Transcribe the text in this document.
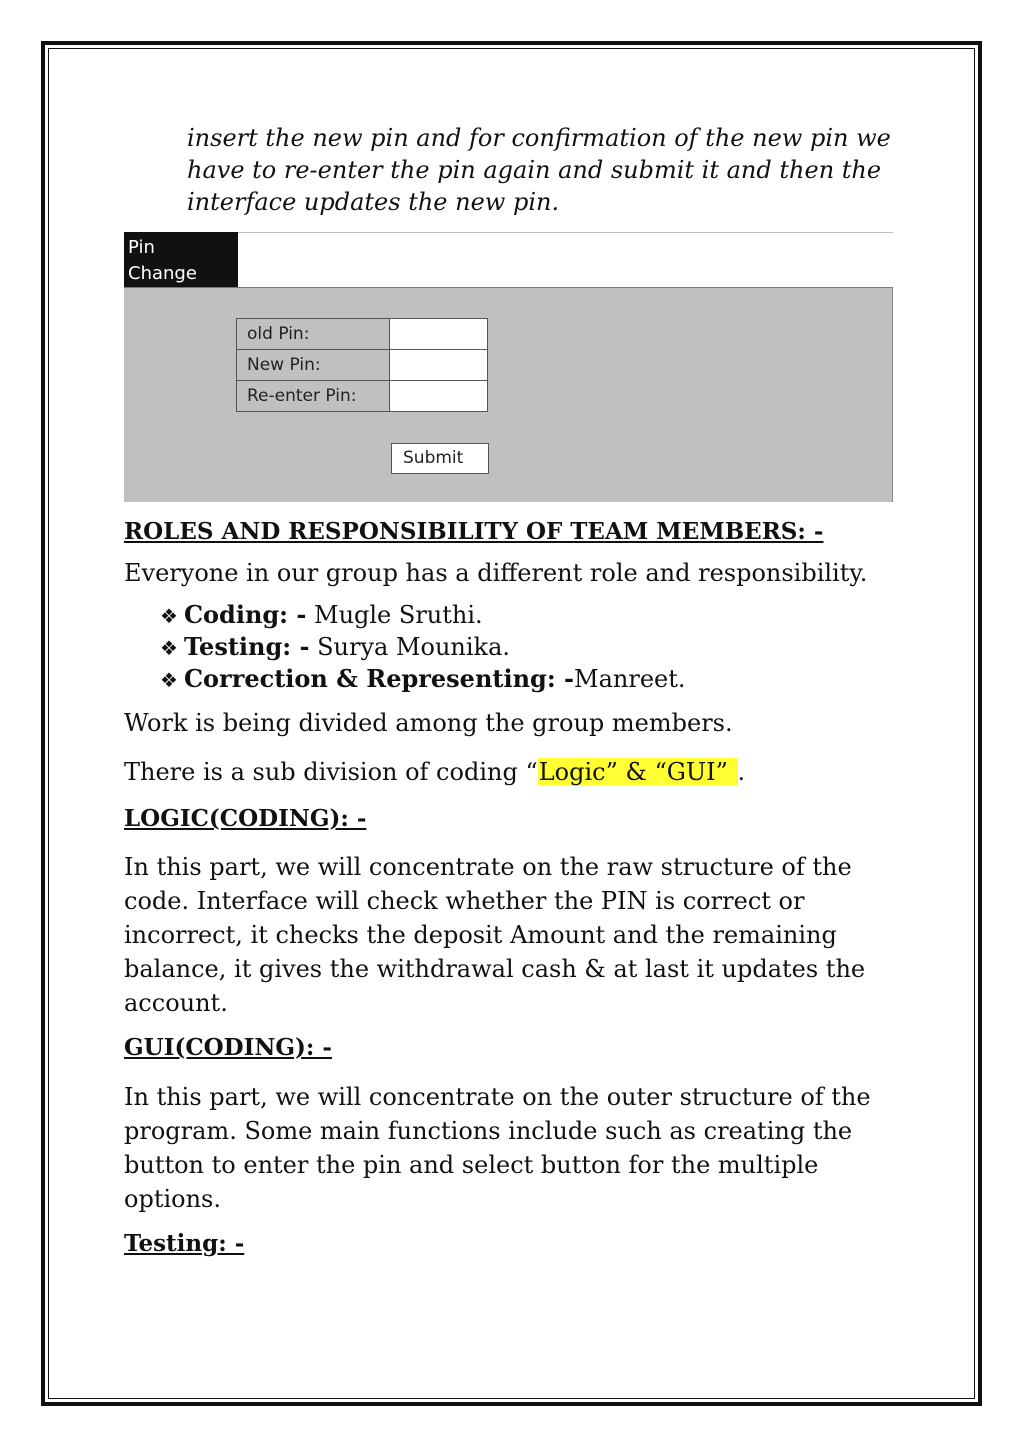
insert the new pin and for confirmation of the new pin we
have to re-enter the pin again and submit it and then the
interface updates the new pin.
Pin
Change
old Pin:	
New Pin:	
Re-enter Pin:	
Submit
ROLES AND RESPONSIBILITY OF TEAM MEMBERS: -
Everyone in our group has a different role and responsibility.
❖ Coding: - Mugle Sruthi.
❖ Testing: - Surya Mounika.
❖ Correction & Representing: -Manreet.
Work is being divided among the group members.
There is a sub division of coding “Logic” & “GUI” .
LOGIC(CODING): -
In this part, we will concentrate on the raw structure of the
code. Interface will check whether the PIN is correct or
incorrect, it checks the deposit Amount and the remaining
balance, it gives the withdrawal cash & at last it updates the
account.
GUI(CODING): -
In this part, we will concentrate on the outer structure of the
program. Some main functions include such as creating the
button to enter the pin and select button for the multiple
options.
Testing: -
